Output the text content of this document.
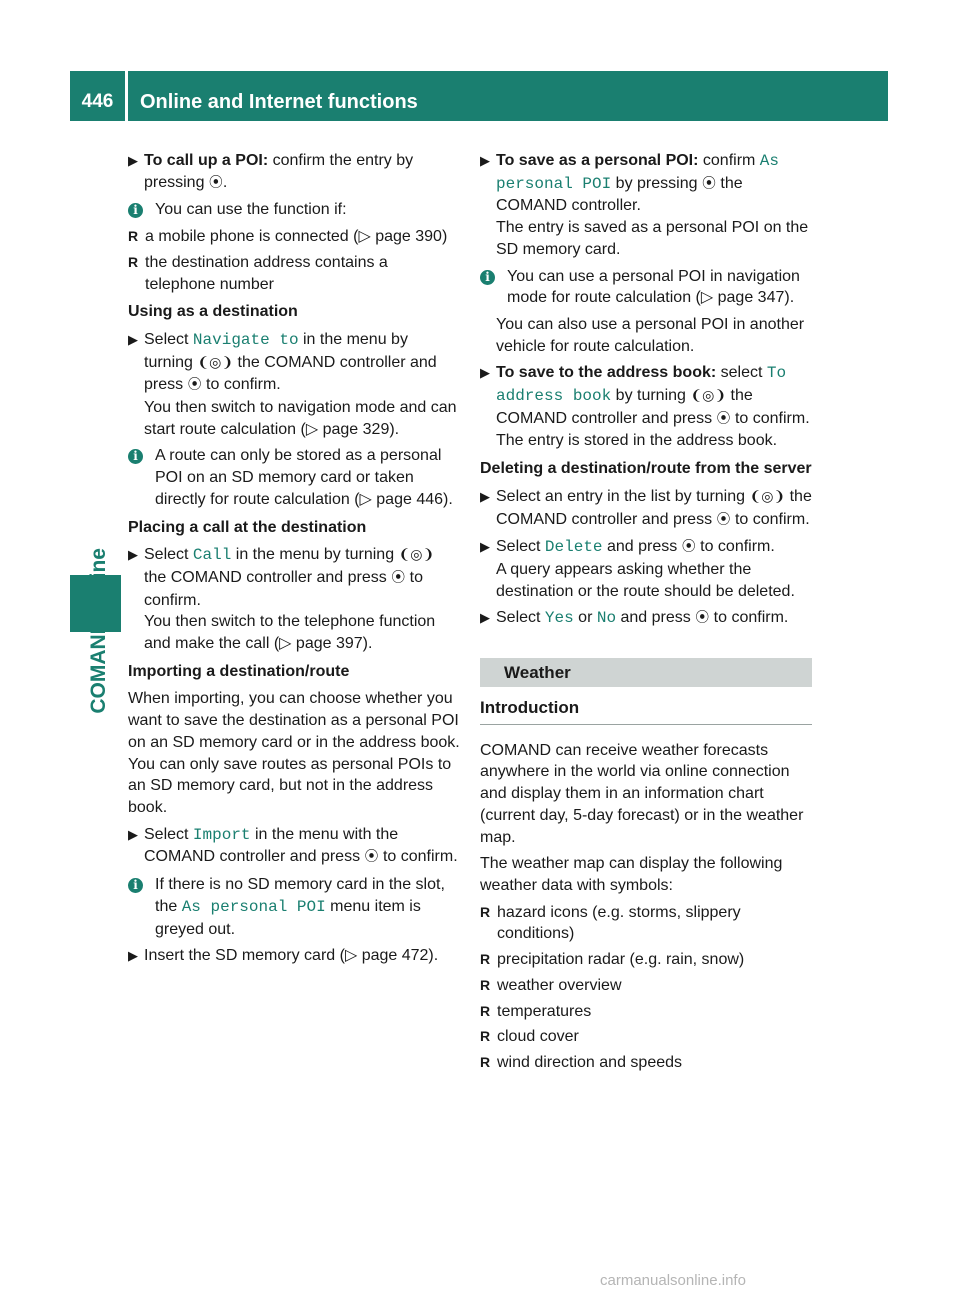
446	Online and Internet functions
▶ To call up a POI: confirm the entry by pressing ⦿.
i	You can use the function if:
R a mobile phone is connected (▷ page 390)
R the destination address contains a telephone number
Using as a destination
▶ Select Navigate to in the menu by turning ❨◎❩ the COMAND controller and press ⦿ to confirm.
You then switch to navigation mode and can start route calculation (▷ page 329).
i	A route can only be stored as a personal POI on an SD memory card or taken directly for route calculation (▷ page 446).
Placing a call at the destination
▶ Select Call in the menu by turning ❨◎❩ the COMAND controller and press ⦿ to confirm.
You then switch to the telephone function and make the call (▷ page 397).
Importing a destination/route

When importing, you can choose whether you want to save the destination as a personal POI on an SD memory card or in the address book. You can only save routes as personal POIs to an SD memory card, but not in the address book.

▶ Select Import in the menu with the COMAND controller and press ⦿ to confirm.
i	If there is no SD memory card in the slot, the As personal POI menu item is greyed out.
▶ Insert the SD memory card (▷ page 472).
▶ To save as a personal POI: confirm As personal POI by pressing ⦿ the COMAND controller.
The entry is saved as a personal POI on the SD memory card.
i	You can use a personal POI in navigation mode for route calculation (▷ page 347).

You can also use a personal POI in another vehicle for route calculation.

▶ To save to the address book: select To address book by turning ❨◎❩ the COMAND controller and press ⦿ to confirm.
The entry is stored in the address book.
Deleting a destination/route from the server
▶ Select an entry in the list by turning ❨◎❩ the COMAND controller and press ⦿ to confirm.
▶ Select Delete and press ⦿ to confirm.
A query appears asking whether the destination or the route should be deleted.
▶ Select Yes or No and press ⦿ to confirm.
Weather
Introduction

COMAND can receive weather forecasts anywhere in the world via online connection and display them in an information chart (current day, 5-day forecast) or in the weather map.

The weather map can display the following weather data with symbols:

R hazard icons (e.g. storms, slippery conditions)
R precipitation radar (e.g. rain, snow)
R weather overview
R temperatures
R cloud cover
R wind direction and speeds
carmanualsonline.info
